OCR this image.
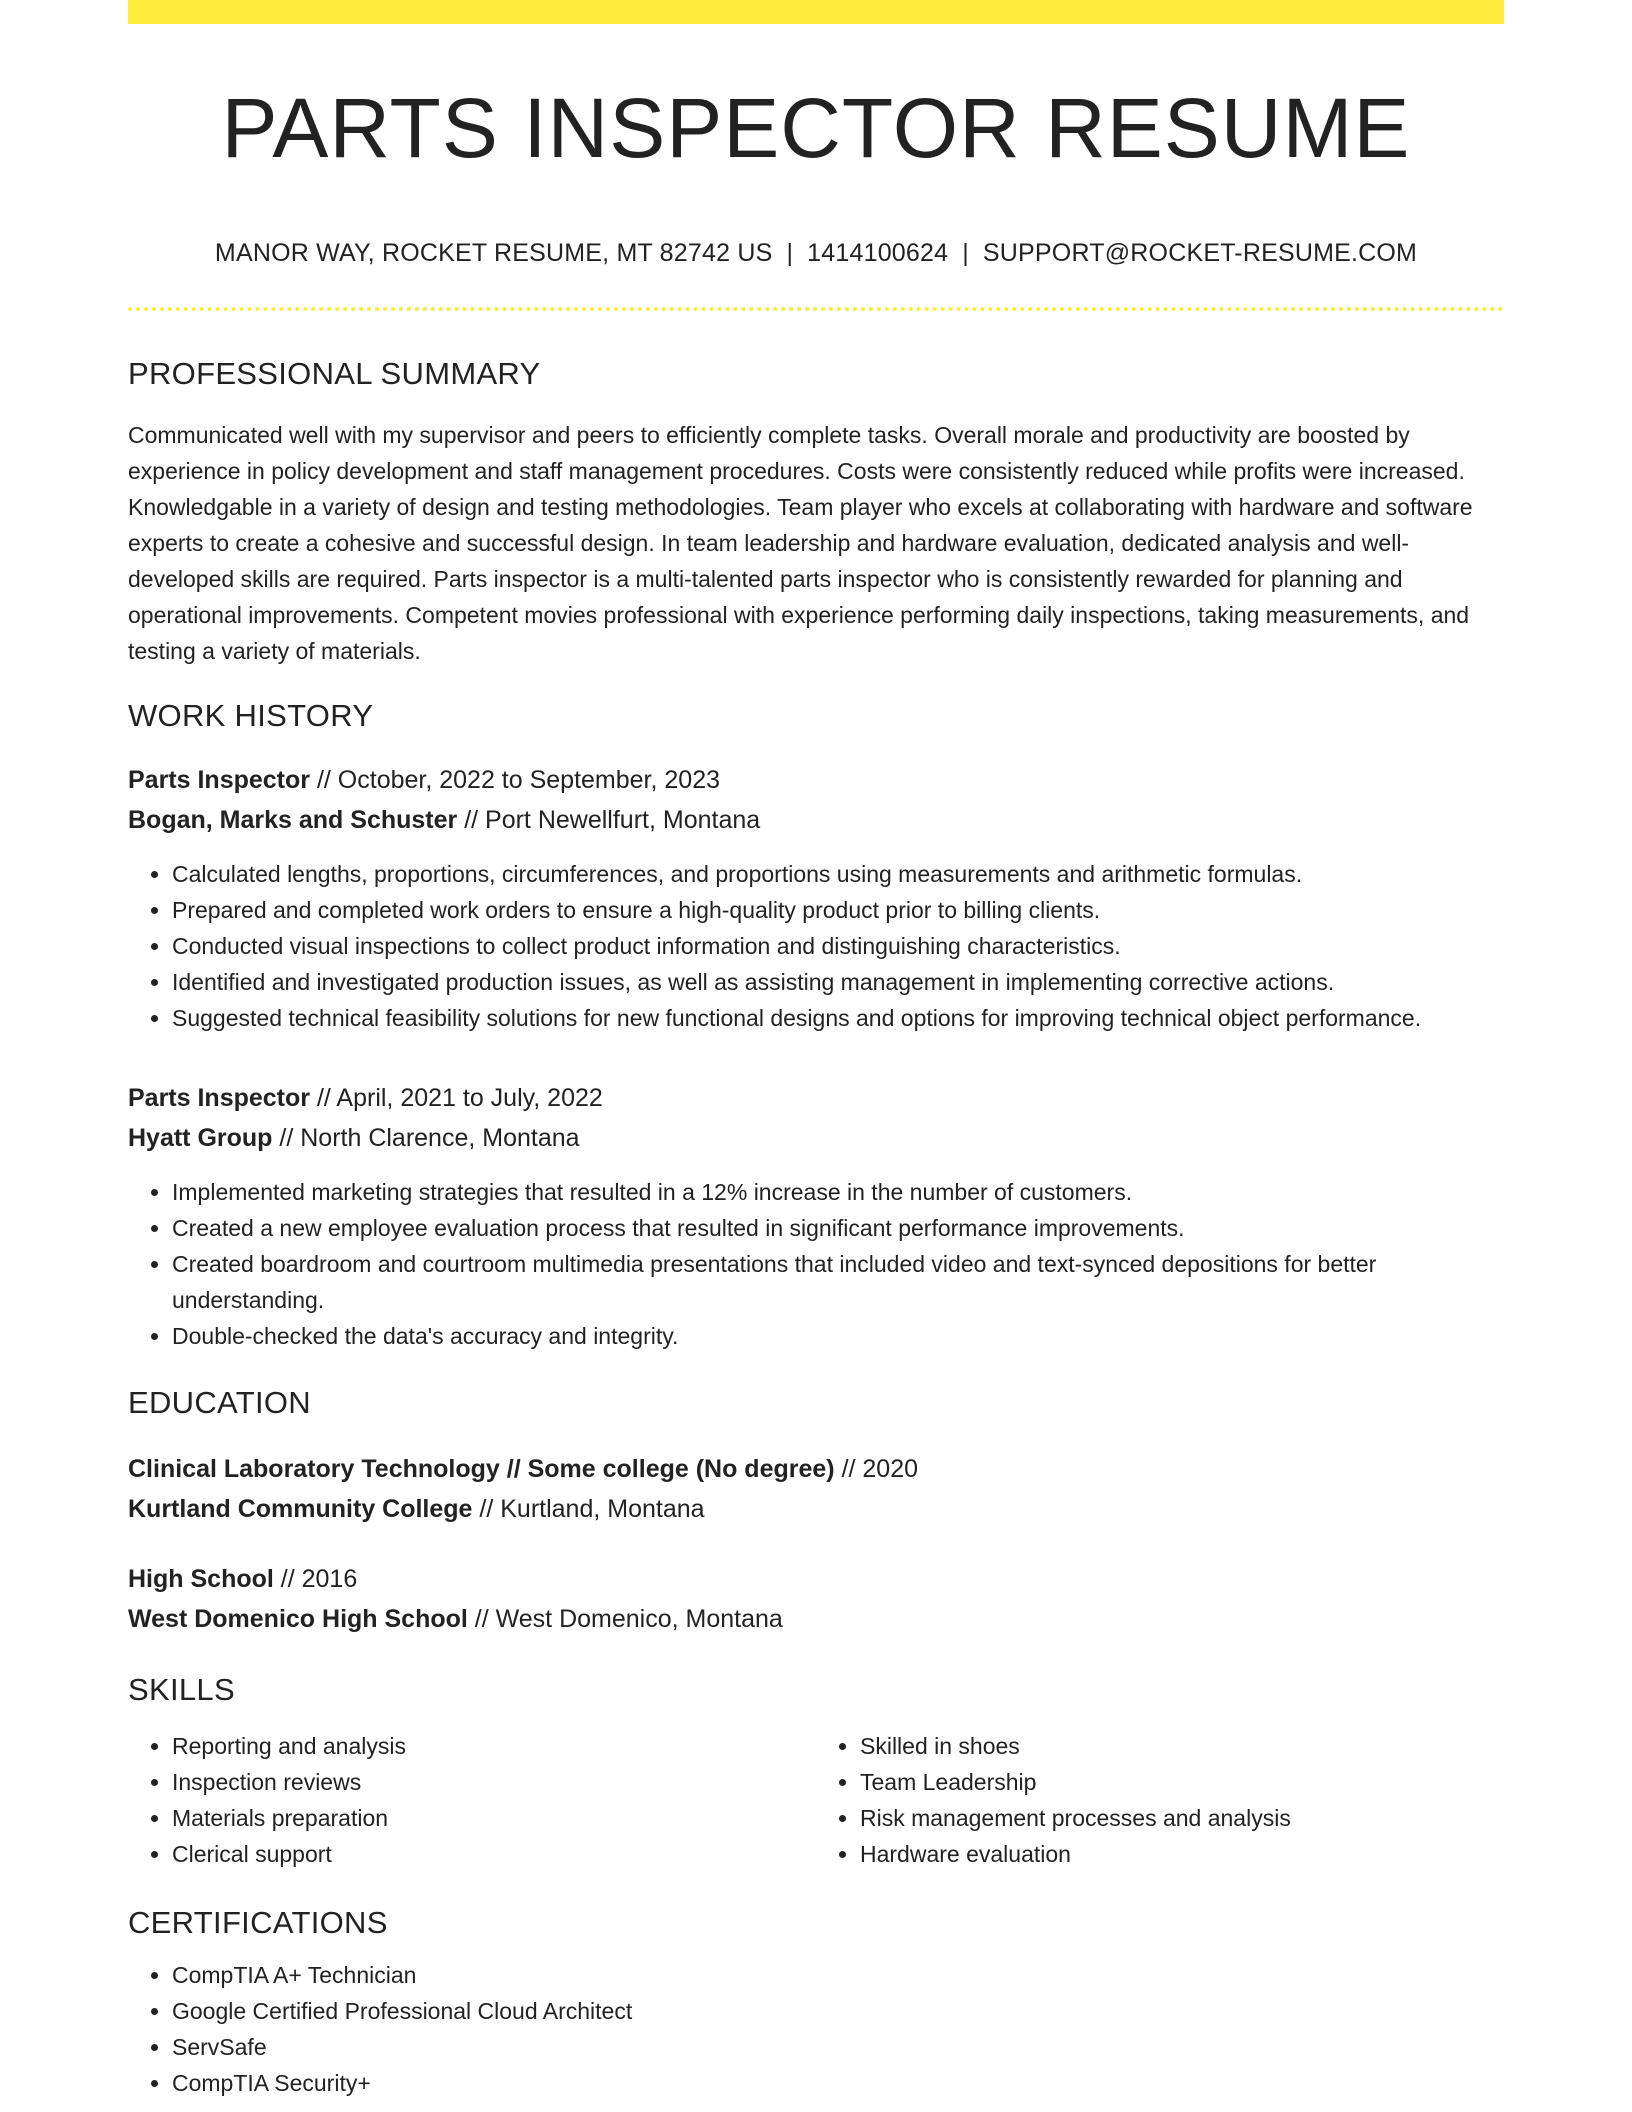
PARTS INSPECTOR RESUME
MANOR WAY, ROCKET RESUME, MT 82742 US | 1414100624 | SUPPORT@ROCKET-RESUME.COM
PROFESSIONAL SUMMARY

Communicated well with my supervisor and peers to efficiently complete tasks. Overall morale and productivity are boosted by experience in policy development and staff management procedures. Costs were consistently reduced while profits were increased. Knowledgable in a variety of design and testing methodologies. Team player who excels at collaborating with hardware and software experts to create a cohesive and successful design. In team leadership and hardware evaluation, dedicated analysis and well-developed skills are required. Parts inspector is a multi-talented parts inspector who is consistently rewarded for planning and operational improvements. Competent movies professional with experience performing daily inspections, taking measurements, and testing a variety of materials.

WORK HISTORY
Parts Inspector // October, 2022 to September, 2023
Bogan, Marks and Schuster // Port Newellfurt, Montana
• Calculated lengths, proportions, circumferences, and proportions using measurements and arithmetic formulas.
• Prepared and completed work orders to ensure a high-quality product prior to billing clients.
• Conducted visual inspections to collect product information and distinguishing characteristics.
• Identified and investigated production issues, as well as assisting management in implementing corrective actions.
• Suggested technical feasibility solutions for new functional designs and options for improving technical object performance.
Parts Inspector // April, 2021 to July, 2022
Hyatt Group // North Clarence, Montana
• Implemented marketing strategies that resulted in a 12% increase in the number of customers.
• Created a new employee evaluation process that resulted in significant performance improvements.
• Created boardroom and courtroom multimedia presentations that included video and text-synced depositions for better understanding.
• Double-checked the data's accuracy and integrity.
EDUCATION
Clinical Laboratory Technology // Some college (No degree) // 2020
Kurtland Community College // Kurtland, Montana
High School // 2016
West Domenico High School // West Domenico, Montana
SKILLS
• Reporting and analysis
• Inspection reviews
• Materials preparation
• Clerical support
• Skilled in shoes
• Team Leadership
• Risk management processes and analysis
• Hardware evaluation
CERTIFICATIONS
• CompTIA A+ Technician
• Google Certified Professional Cloud Architect
• ServSafe
• CompTIA Security+
